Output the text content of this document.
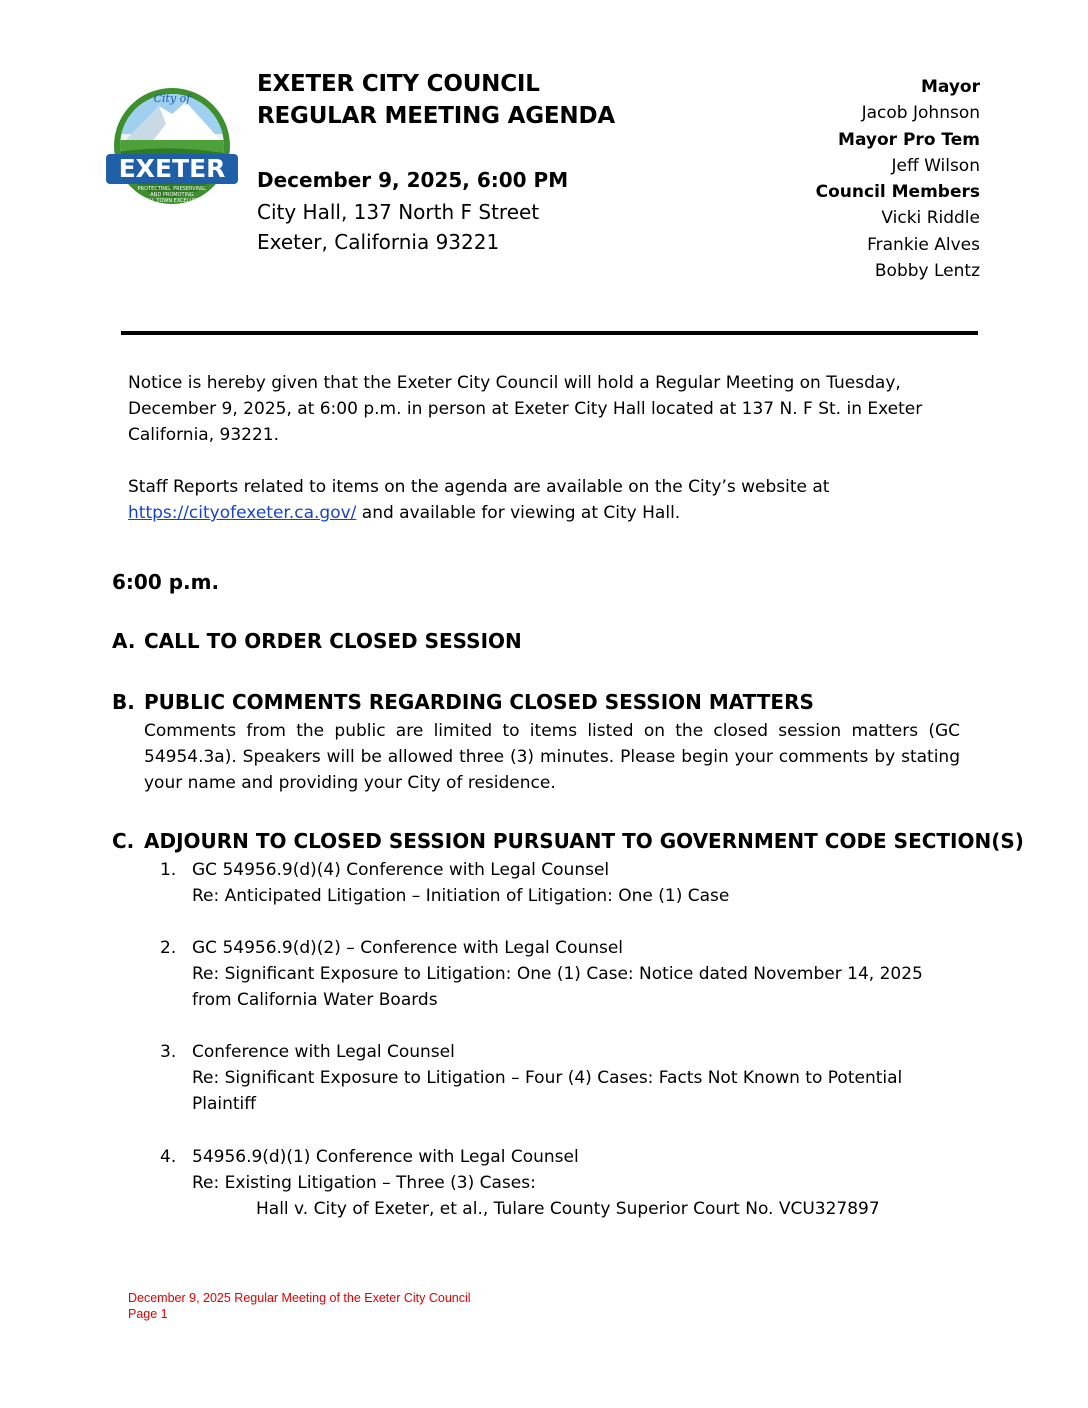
City of
EXETER
PROTECTING, PRESERVING,
AND PROMOTING
SMALL TOWN EXCELLENCE
EXETER CITY COUNCIL
REGULAR MEETING AGENDA
December 9, 2025, 6:00 PM
City Hall, 137 North F Street
Exeter, California 93221
Mayor
Jacob Johnson
Mayor Pro Tem
Jeff Wilson
Council Members
Vicki Riddle
Frankie Alves
Bobby Lentz
Notice is hereby given that the Exeter City Council will hold a Regular Meeting on Tuesday,
December 9, 2025, at 6:00 p.m. in person at Exeter City Hall located at 137 N. F St. in Exeter
California, 93221.
Staff Reports related to items on the agenda are available on the City’s website at
https://cityofexeter.ca.gov/ and available for viewing at City Hall.
6:00 p.m.
A. CALL TO ORDER CLOSED SESSION
B. PUBLIC COMMENTS REGARDING CLOSED SESSION MATTERS
Comments from the public are limited to items listed on the closed session matters (GC 54954.3a). Speakers will be allowed three (3) minutes. Please begin your comments by stating your name and providing your City of residence.
C. ADJOURN TO CLOSED SESSION PURSUANT TO GOVERNMENT CODE SECTION(S)
1. GC 54956.9(d)(4) Conference with Legal Counsel
Re: Anticipated Litigation – Initiation of Litigation: One (1) Case
2. GC 54956.9(d)(2) – Conference with Legal Counsel
Re: Significant Exposure to Litigation: One (1) Case: Notice dated November 14, 2025
from California Water Boards
3. Conference with Legal Counsel
Re: Significant Exposure to Litigation – Four (4) Cases: Facts Not Known to Potential
Plaintiff
4. 54956.9(d)(1) Conference with Legal Counsel
Re: Existing Litigation – Three (3) Cases:
Hall v. City of Exeter, et al., Tulare County Superior Court No. VCU327897
December 9, 2025 Regular Meeting of the Exeter City Council
Page 1
